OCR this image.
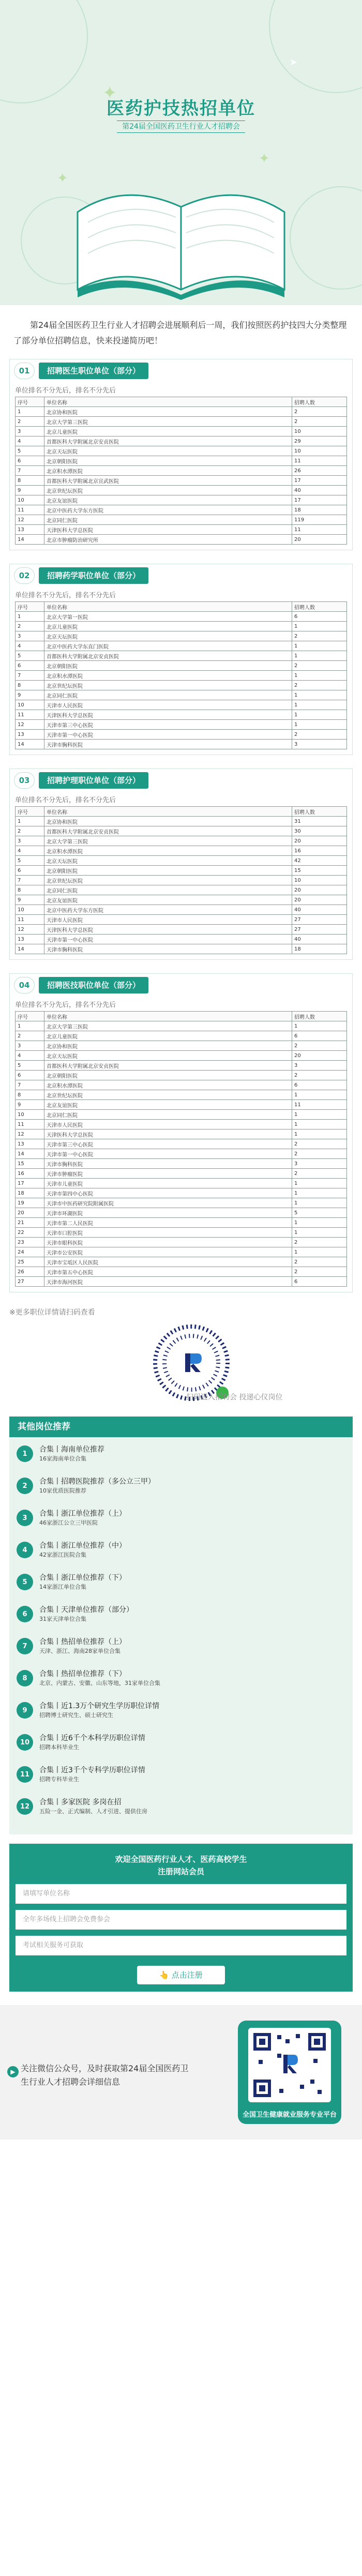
✦
✦
✦
➤
医药护技热招单位
第24届全国医药卫生行业人才招聘会
第24届全国医药卫生行业人才招聘会进展顺利后一周，我们按照医药护技四大分类整理了部分单位招聘信息，快来投递简历吧！
01	招聘医生职位单位（部分）
单位排名不分先后，排名不分先后
序号	单位名称	招聘人数
1	北京协和医院	2
2	北京大学第三医院	2
3	北京儿童医院	10
4	首都医科大学附属北京安贞医院	29
5	北京天坛医院	10
6	北京朝阳医院	11
7	北京积水潭医院	26
8	首都医科大学附属北京宣武医院	17
9	北京世纪坛医院	40
10	北京友谊医院	17
11	北京中医药大学东方医院	18
12	北京同仁医院	119
13	天津医科大学总医院	11
14	北京市肿瘤防治研究所	20
02	招聘药学职位单位（部分）
单位排名不分先后，排名不分先后
序号	单位名称	招聘人数
1	北京大学第一医院	6
2	北京儿童医院	1
3	北京天坛医院	2
4	北京中医药大学东直门医院	1
5	首都医科大学附属北京安贞医院	1
6	北京朝阳医院	2
7	北京积水潭医院	1
8	北京世纪坛医院	2
9	北京同仁医院	1
10	天津市人民医院	1
11	天津医科大学总医院	1
12	天津市第三中心医院	1
13	天津市第一中心医院	2
14	天津市胸科医院	3
03	招聘护理职位单位（部分）
单位排名不分先后，排名不分先后
序号	单位名称	招聘人数
1	北京协和医院	31
2	首都医科大学附属北京安贞医院	30
3	北京大学第三医院	20
4	北京积水潭医院	16
5	北京天坛医院	42
6	北京朝阳医院	15
7	北京世纪坛医院	10
8	北京同仁医院	20
9	北京友谊医院	20
10	北京中医药大学东方医院	40
11	天津市人民医院	27
12	天津医科大学总医院	27
13	天津市第一中心医院	40
14	天津市胸科医院	18
04	招聘医技职位单位（部分）
单位排名不分先后，排名不分先后
序号	单位名称	招聘人数
1	北京大学第三医院	1
2	北京儿童医院	6
3	北京协和医院	2
4	北京天坛医院	20
5	首都医科大学附属北京安贞医院	3
6	北京朝阳医院	2
7	北京积水潭医院	6
8	北京世纪坛医院	1
9	北京友谊医院	11
10	北京同仁医院	1
11	天津市人民医院	1
12	天津医科大学总医院	1
13	天津市第三中心医院	2
14	天津市第一中心医院	2
15	天津市胸科医院	3
16	天津市肿瘤医院	2
17	天津市儿童医院	1
18	天津市第四中心医院	1
19	天津市中医药研究院附属医院	1
20	天津市环湖医院	5
21	天津市第二人民医院	1
22	天津市口腔医院	1
23	天津市眼科医院	2
24	天津市公安医院	1
25	天津市宝坻区人民医院	2
26	天津市第五中心医院	2
27	天津市海河医院	6
※更多职位详情请扫码查看
扫码进入招聘会 投递心仪岗位
其他岗位推荐
1	合集丨海南单位推荐
16家海南单位合集
2	合集丨招聘医院推荐（多公立三甲）
10家优质医院推荐
3	合集丨浙江单位推荐（上）
46家浙江公立三甲医院
4	合集丨浙江单位推荐（中）
42家浙江医院合集
5	合集丨浙江单位推荐（下）
14家浙江单位合集
6	合集丨天津单位推荐（部分）
31家天津单位合集
7	合集丨热招单位推荐（上）
天津、浙江、海南28家单位合集
8	合集丨热招单位推荐（下）
北京、内蒙古、安徽、山东等地，31家单位合集
9	合集丨近1.3万个研究生学历职位详情
招聘博士研究生、硕士研究生
10	合集丨近6千个本科学历职位详情
招聘本科毕业生
11	合集丨近3千个专科学历职位详情
招聘专科毕业生
12	合集丨多家医院 多岗在招
五险一金、正式编制、人才引进、提供住房
欢迎全国医药行业人才、医药高校学生
注册网站会员
请填写单位名称
全年多场线上招聘会免费参会
考试相关服务可获取
👆 点击注册
▶ 关注微信公众号，及时获取第24届全国医药卫生行业人才招聘会详细信息
全国卫生健康就业服务专业平台
